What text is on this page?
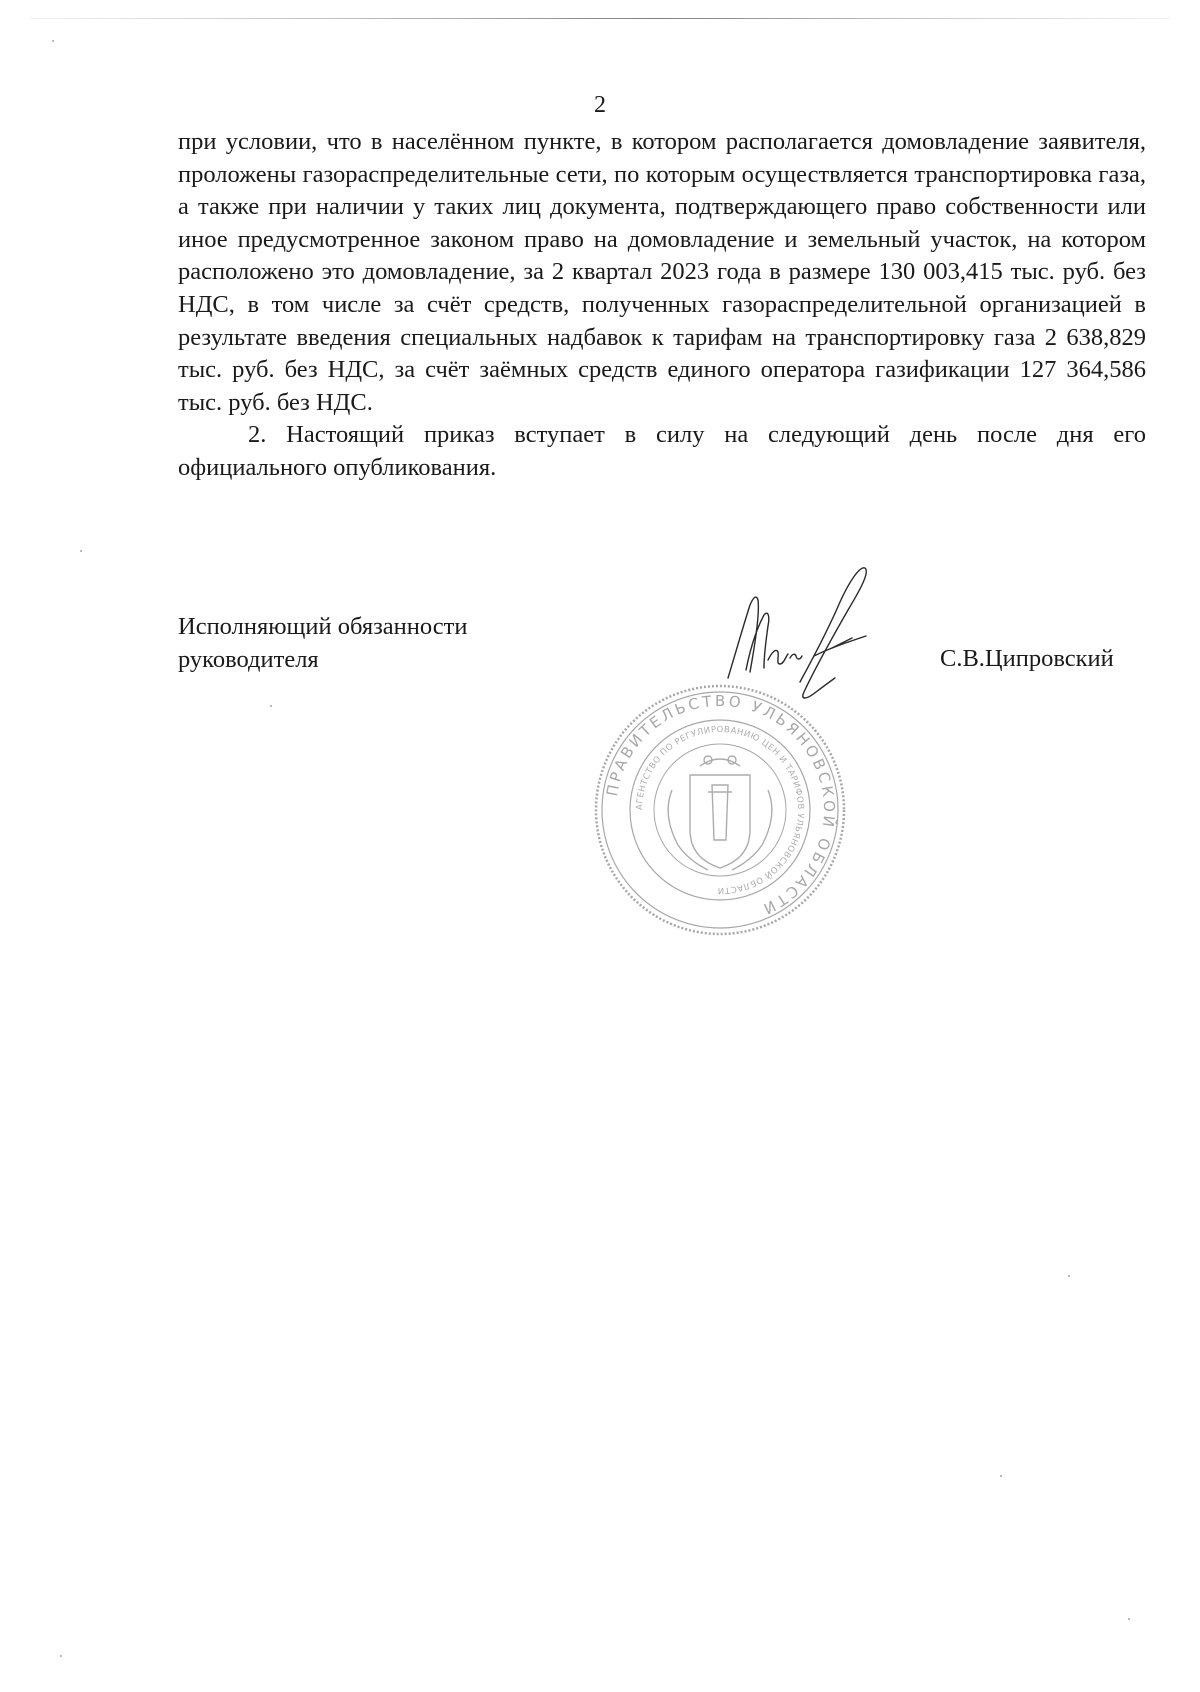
2

при условии, что в населённом пункте, в котором располагается домовладение заявителя, проложены газораспределительные сети, по которым осуществляется транспортировка газа, а также при наличии у таких лиц документа, подтверждающего право собственности или иное предусмотренное законом право на домовладение и земельный участок, на котором расположено это домовладение, за 2 квартал 2023 года в размере 130 003,415 тыс. руб. без НДС, в том числе за счёт средств, полученных газораспределительной организацией в результате введения специальных надбавок к тарифам на транспортировку газа 2 638,829 тыс. руб. без НДС, за счёт заёмных средств единого оператора газификации 127 364,586 тыс. руб. без НДС.

2. Настоящий приказ вступает в силу на следующий день после дня его официального опубликования.

Исполняющий обязанности
руководителя	С.В.Ципровский
ПРАВИТЕЛЬСТВО УЛЬЯНОВСКОЙ ОБЛАСТИ
АГЕНТСТВО ПО РЕГУЛИРОВАНИЮ ЦЕН И ТАРИФОВ УЛЬЯНОВСКОЙ ОБЛАСТИ
